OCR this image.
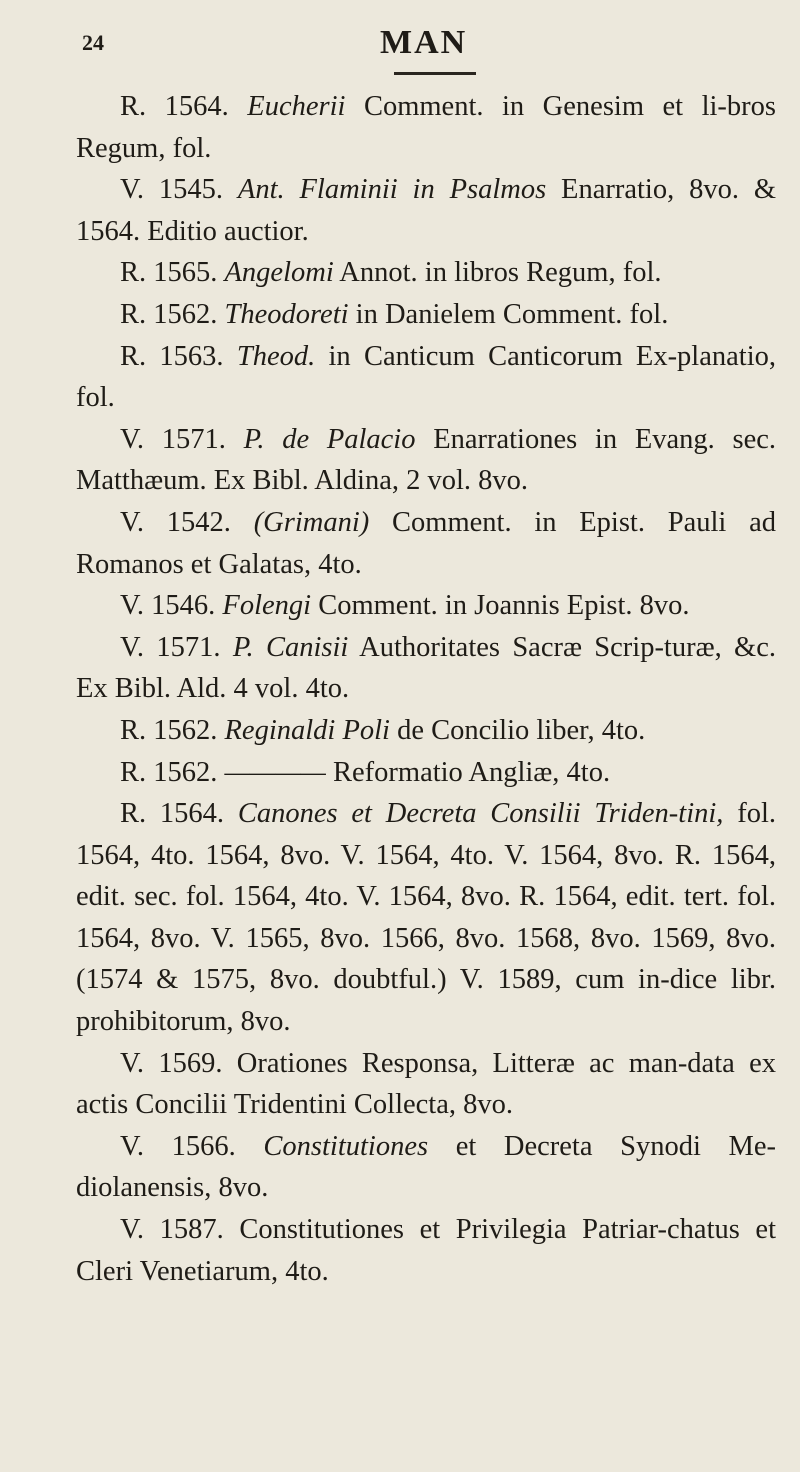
24	MAN

R. 1564. Eucherii Comment. in Genesim et li-bros Regum, fol.

V. 1545. Ant. Flaminii in Psalmos Enarratio, 8vo. & 1564. Editio auctior.

R. 1565. Angelomi Annot. in libros Regum, fol.

R. 1562. Theodoreti in Danielem Comment. fol.

R. 1563. Theod. in Canticum Canticorum Ex-planatio, fol.

V. 1571. P. de Palacio Enarrationes in Evang. sec. Matthæum. Ex Bibl. Aldina, 2 vol. 8vo.

V. 1542. (Grimani) Comment. in Epist. Pauli ad Romanos et Galatas, 4to.

V. 1546. Folengi Comment. in Joannis Epist. 8vo.

V. 1571. P. Canisii Authoritates Sacræ Scrip-turæ, &c. Ex Bibl. Ald. 4 vol. 4to.

R. 1562. Reginaldi Poli de Concilio liber, 4to.

R. 1562. ———— Reformatio Angliæ, 4to.

R. 1564. Canones et Decreta Consilii Triden-tini, fol. 1564, 4to. 1564, 8vo. V. 1564, 4to. V. 1564, 8vo. R. 1564, edit. sec. fol. 1564, 4to. V. 1564, 8vo. R. 1564, edit. tert. fol. 1564, 8vo. V. 1565, 8vo. 1566, 8vo. 1568, 8vo. 1569, 8vo. (1574 & 1575, 8vo. doubtful.) V. 1589, cum in-dice libr. prohibitorum, 8vo.

V. 1569. Orationes Responsa, Litteræ ac man-data ex actis Concilii Tridentini Collecta, 8vo.

V. 1566. Constitutiones et Decreta Synodi Me-diolanensis, 8vo.

V. 1587. Constitutiones et Privilegia Patriar-chatus et Cleri Venetiarum, 4to.
